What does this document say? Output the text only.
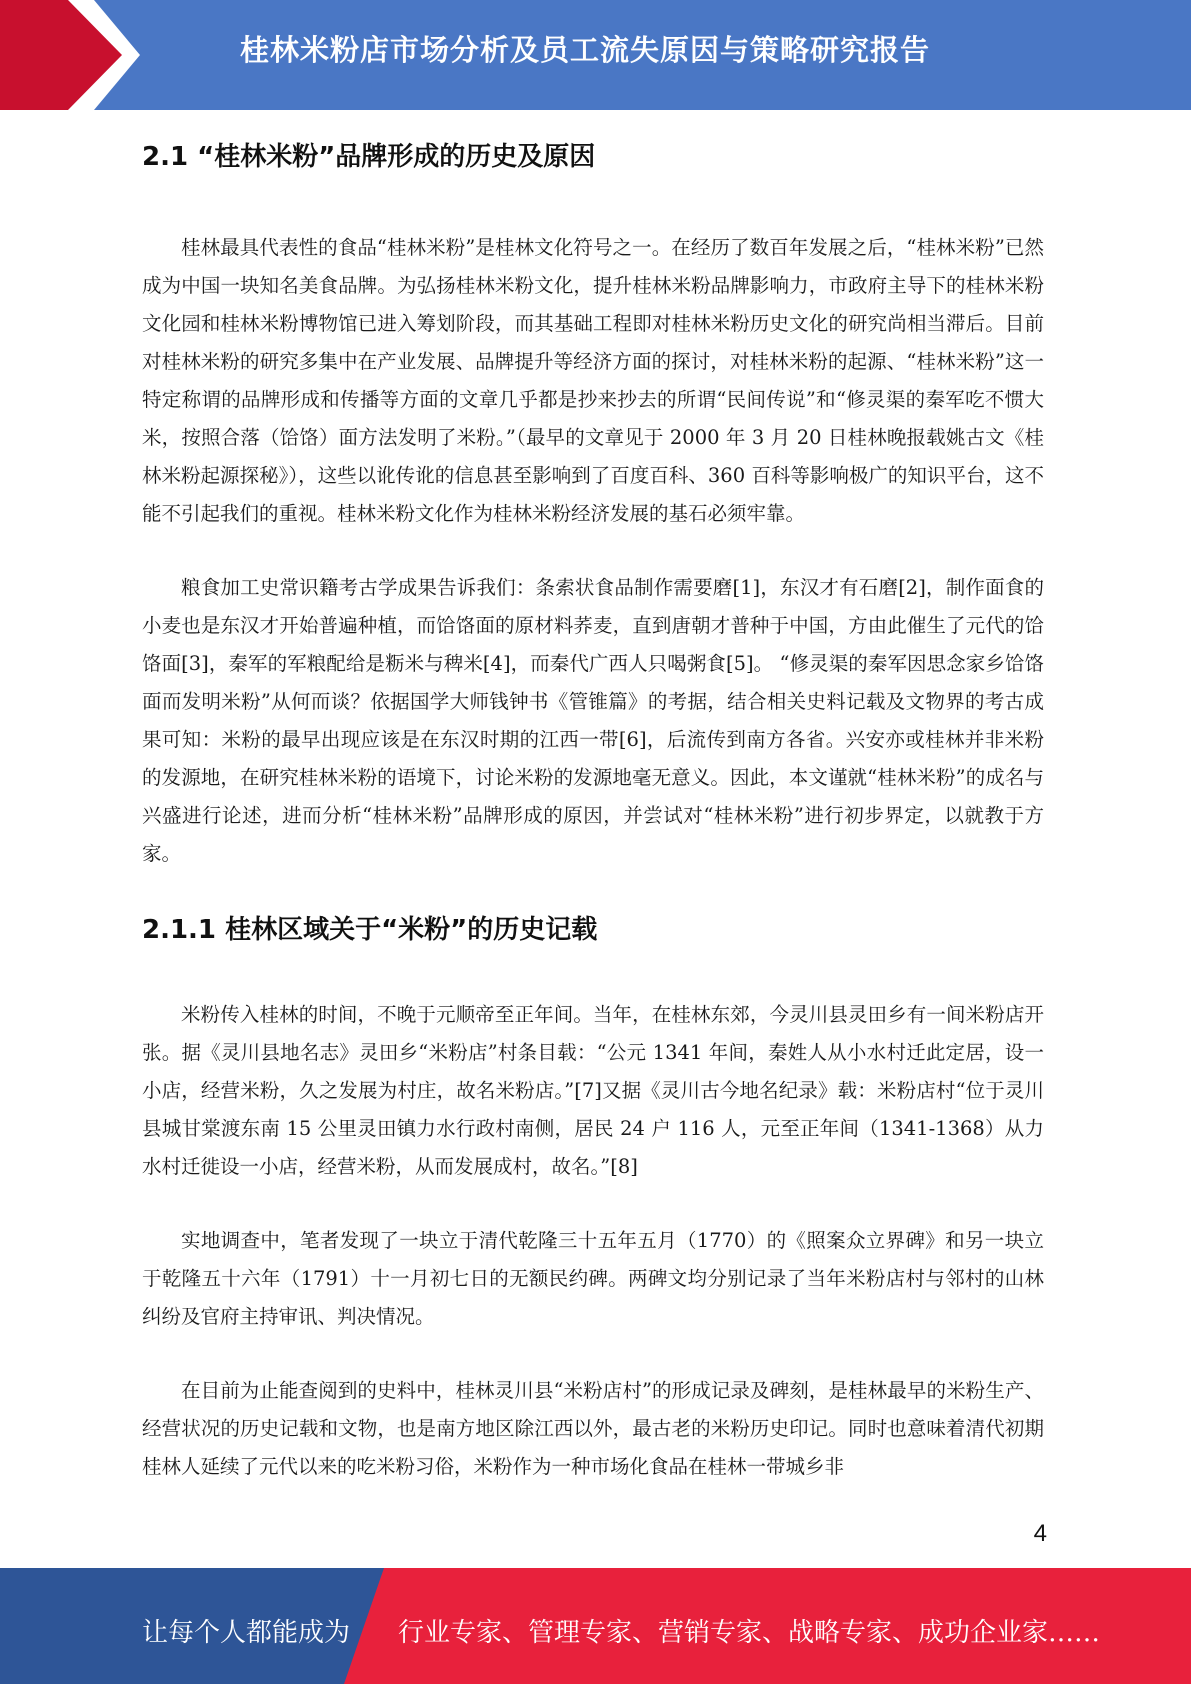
桂林米粉店市场分析及员工流失原因与策略研究报告
2.1 “桂林米粉”品牌形成的历史及原因

桂林最具代表性的食品“桂林米粉”是桂林文化符号之一。在经历了数百年发展之后，“桂林米粉”已然成为中国一块知名美食品牌。为弘扬桂林米粉文化，提升桂林米粉品牌影响力，市政府主导下的桂林米粉文化园和桂林米粉博物馆已进入筹划阶段，而其基础工程即对桂林米粉历史文化的研究尚相当滞后。目前对桂林米粉的研究多集中在产业发展、品牌提升等经济方面的探讨，对桂林米粉的起源、“桂林米粉”这一特定称谓的品牌形成和传播等方面的文章几乎都是抄来抄去的所谓“民间传说”和“修灵渠的秦军吃不惯大米，按照合落（饸饹）面方法发明了米粉。”（最早的文章见于 2000 年 3 月 20 日桂林晚报载姚古文《桂林米粉起源探秘》），这些以讹传讹的信息甚至影响到了百度百科、360 百科等影响极广的知识平台，这不能不引起我们的重视。桂林米粉文化作为桂林米粉经济发展的基石必须牢靠。

粮食加工史常识籍考古学成果告诉我们：条索状食品制作需要磨[1]，东汉才有石磨[2]，制作面食的小麦也是东汉才开始普遍种植，而饸饹面的原材料荞麦，直到唐朝才普种于中国，方由此催生了元代的饸饹面[3]，秦军的军粮配给是粝米与稗米[4]，而秦代广西人只喝粥食[5]。 “修灵渠的秦军因思念家乡饸饹面而发明米粉”从何而谈？依据国学大师钱钟书《管锥篇》的考据，结合相关史料记载及文物界的考古成果可知：米粉的最早出现应该是在东汉时期的江西一带[6]，后流传到南方各省。兴安亦或桂林并非米粉的发源地，在研究桂林米粉的语境下，讨论米粉的发源地毫无意义。因此，本文谨就“桂林米粉”的成名与兴盛进行论述，进而分析“桂林米粉”品牌形成的原因，并尝试对“桂林米粉”进行初步界定，以就教于方家。

2.1.1 桂林区域关于“米粉”的历史记载

米粉传入桂林的时间，不晚于元顺帝至正年间。当年，在桂林东郊，今灵川县灵田乡有一间米粉店开张。据《灵川县地名志》灵田乡“米粉店”村条目载：“公元 1341 年间，秦姓人从小水村迁此定居，设一小店，经营米粉，久之发展为村庄，故名米粉店。”[7]又据《灵川古今地名纪录》载：米粉店村“位于灵川县城甘棠渡东南 15 公里灵田镇力水行政村南侧，居民 24 户 116 人，元至正年间（1341-1368）从力水村迁徙设一小店，经营米粉，从而发展成村，故名。”[8]

实地调查中，笔者发现了一块立于清代乾隆三十五年五月（1770）的《照案众立界碑》和另一块立于乾隆五十六年（1791）十一月初七日的无额民约碑。两碑文均分别记录了当年米粉店村与邻村的山林纠纷及官府主持审讯、判决情况。

在目前为止能查阅到的史料中，桂林灵川县“米粉店村”的形成记录及碑刻，是桂林最早的米粉生产、经营状况的历史记载和文物，也是南方地区除江西以外，最古老的米粉历史印记。同时也意味着清代初期桂林人延续了元代以来的吃米粉习俗，米粉作为一种市场化食品在桂林一带城乡非

4
让每个人都能成为 行业专家、管理专家、营销专家、战略专家、成功企业家……
